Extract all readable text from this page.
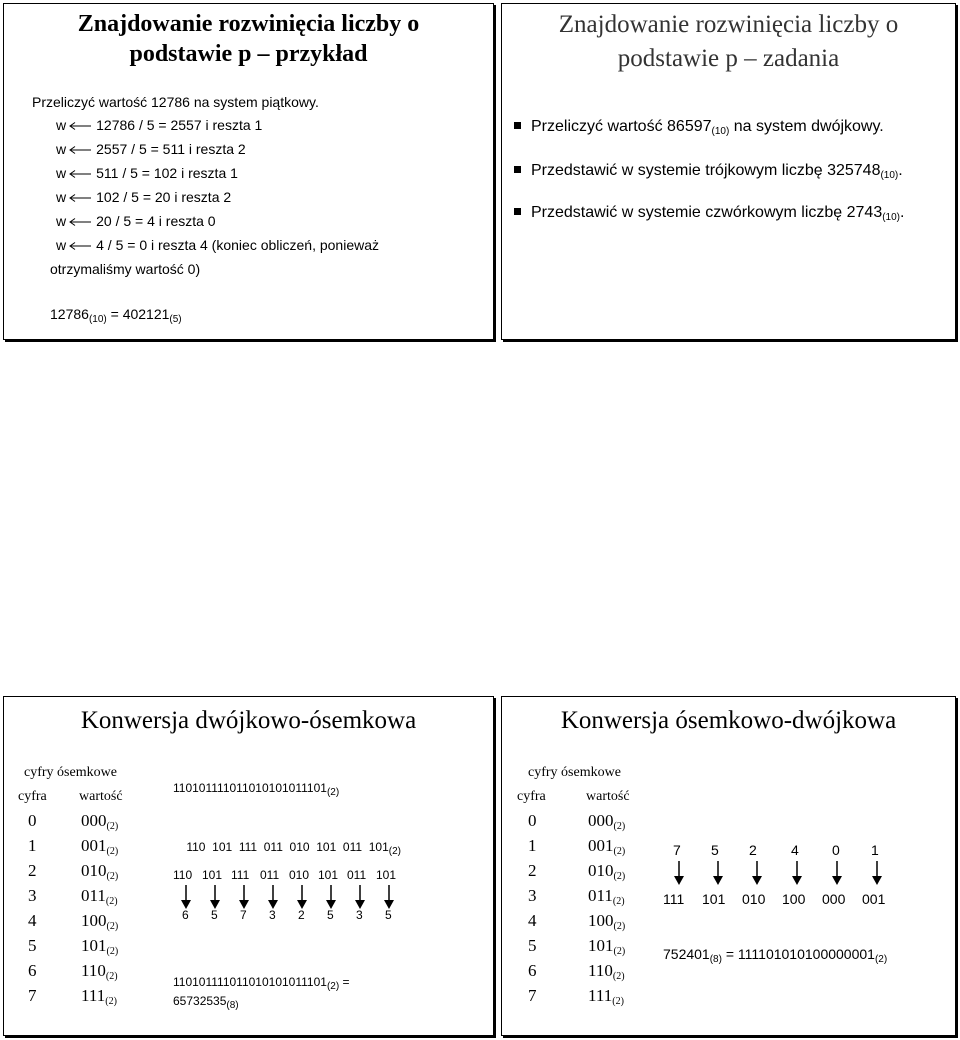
Znajdowanie rozwinięcia liczby o
podstawie p – przykład
Przeliczyć wartość 12786 na system piątkowy.
w 12786 / 5 = 2557 i reszta 1
w 2557 / 5 = 511 i reszta 2
w 511 / 5 = 102 i reszta 1
w 102 / 5 = 20 i reszta 2
w 20 / 5 = 4 i reszta 0
w 4 / 5 = 0 i reszta 4 (koniec obliczeń, ponieważ
otrzymaliśmy wartość 0)
$12786_{(10)} = 402121_{(5)}$
Znajdowanie rozwinięcia liczby o
podstawie p – zadania
Przeliczyć wartość $86597_{(10)}$ na system dwójkowy.
Przedstawić w systemie trójkowym liczbę $325748_{(10)}$.
Przedstawić w systemie czwórkowym liczbę $2743_{(10)}$.
Konwersja dwójkowo-ósemkowa
cyfry ósemkowe
cyfra wartość
0	$000_{(2)}$
1	$001_{(2)}$
2	$010_{(2)}$
3	$011_{(2)}$
4	$100_{(2)}$
5	$101_{(2)}$
6	$110_{(2)}$
7	$111_{(2)}$
$110101111011010101011101_{(2)}$

110  101  111  011  010  101  011  $101_{(2)}$

110 101 111 011 010 101 011 101
6 5 7 3 2 5 3 5
$110101111011010101011101_{(2)}$ =
$65732535_{(8)}$
Konwersja ósemkowo-dwójkowa
cyfry ósemkowe
cyfra	wartość
0	$000_{(2)}$
1	$001_{(2)}$
2	$010_{(2)}$
3	$011_{(2)}$
4	$100_{(2)}$
5	$101_{(2)}$
6	$110_{(2)}$
7	$111_{(2)}$
7 5 2 4 0 1
111 101 010 100 000 001
$752401_{(8)} = 111101010100000001_{(2)}$
